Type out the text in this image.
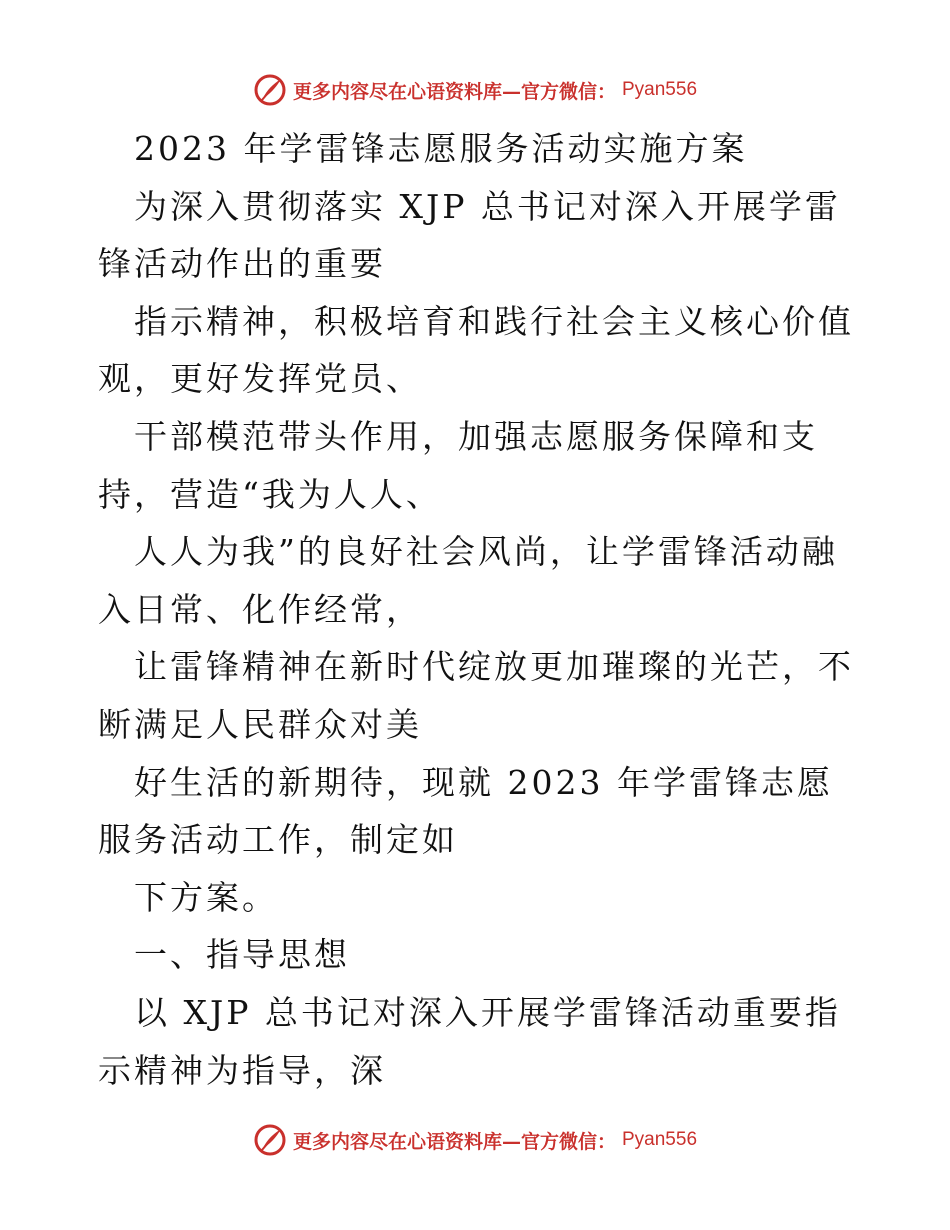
更多内容尽在心语资料库—官方微信： Pyan556

2023 年学雷锋志愿服务活动实施方案

为深入贯彻落实 XJP 总书记对深入开展学雷锋活动作出的重要

指示精神，积极培育和践行社会主义核心价值观，更好发挥党员、

干部模范带头作用，加强志愿服务保障和支持，营造“我为人人、

人人为我”的良好社会风尚，让学雷锋活动融入日常、化作经常，

让雷锋精神在新时代绽放更加璀璨的光芒，不断满足人民群众对美

好生活的新期待，现就 2023 年学雷锋志愿服务活动工作，制定如

下方案。

一、指导思想

以 XJP 总书记对深入开展学雷锋活动重要指示精神为指导，深

更多内容尽在心语资料库—官方微信： Pyan556
